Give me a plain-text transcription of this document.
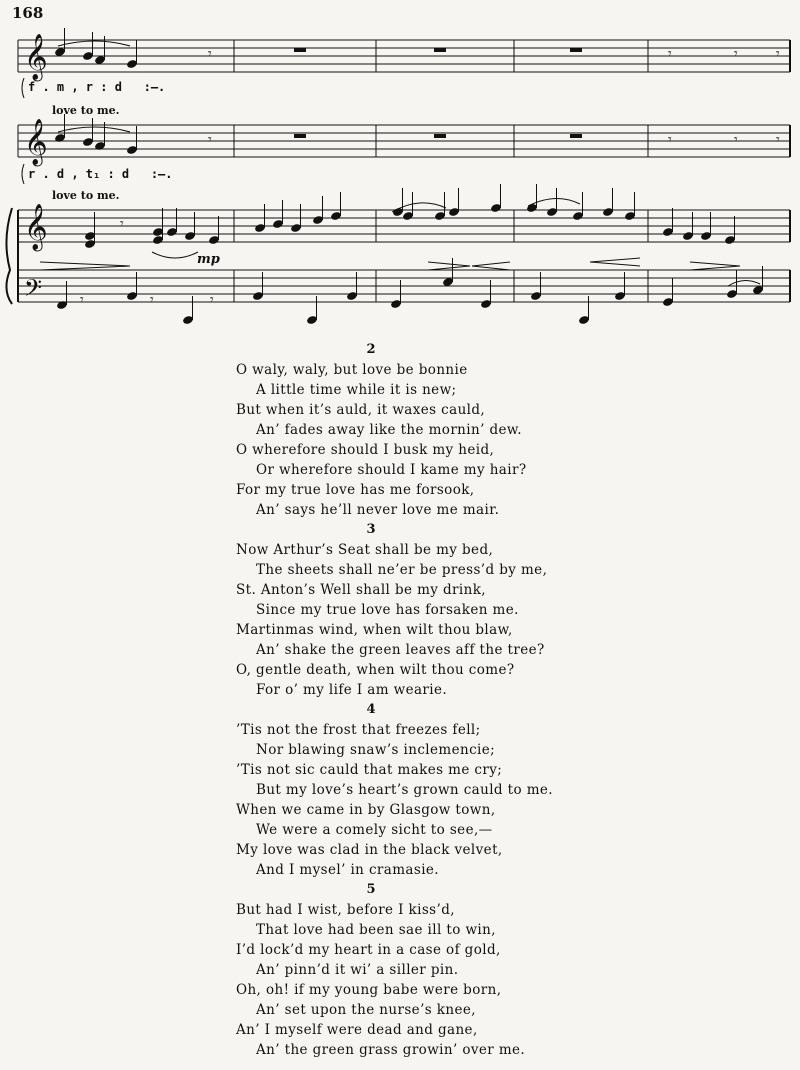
168
𝄞
𝄞
𝄞
𝄢
𝄾
𝄾
𝄾	𝄾	𝄾
𝄾	𝄾	𝄾
𝄾
𝄾	𝄾	𝄾
f . m , r : d   :—.
love to me.
r . d , t₁ : d   :—.
love to me.
mp
2
O waly, waly, but love be bonnie
A little time while it is new;
But when it’s auld, it waxes cauld,
An’ fades away like the mornin’ dew.
O wherefore should I busk my heid,
Or wherefore should I kame my hair?
For my true love has me forsook,
An’ says he’ll never love me mair.
3
Now Arthur’s Seat shall be my bed,
The sheets shall ne’er be press’d by me,
St. Anton’s Well shall be my drink,
Since my true love has forsaken me.
Martinmas wind, when wilt thou blaw,
An’ shake the green leaves aff the tree?
O, gentle death, when wilt thou come?
For o’ my life I am wearie.
4
’Tis not the frost that freezes fell;
Nor blawing snaw’s inclemencie;
’Tis not sic cauld that makes me cry;
But my love’s heart’s grown cauld to me.
When we came in by Glasgow town,
We were a comely sicht to see,—
My love was clad in the black velvet,
And I mysel’ in cramasie.
5
But had I wist, before I kiss’d,
That love had been sae ill to win,
I’d lock’d my heart in a case of gold,
An’ pinn’d it wi’ a siller pin.
Oh, oh! if my young babe were born,
An’ set upon the nurse’s knee,
An’ I myself were dead and gane,
An’ the green grass growin’ over me.
